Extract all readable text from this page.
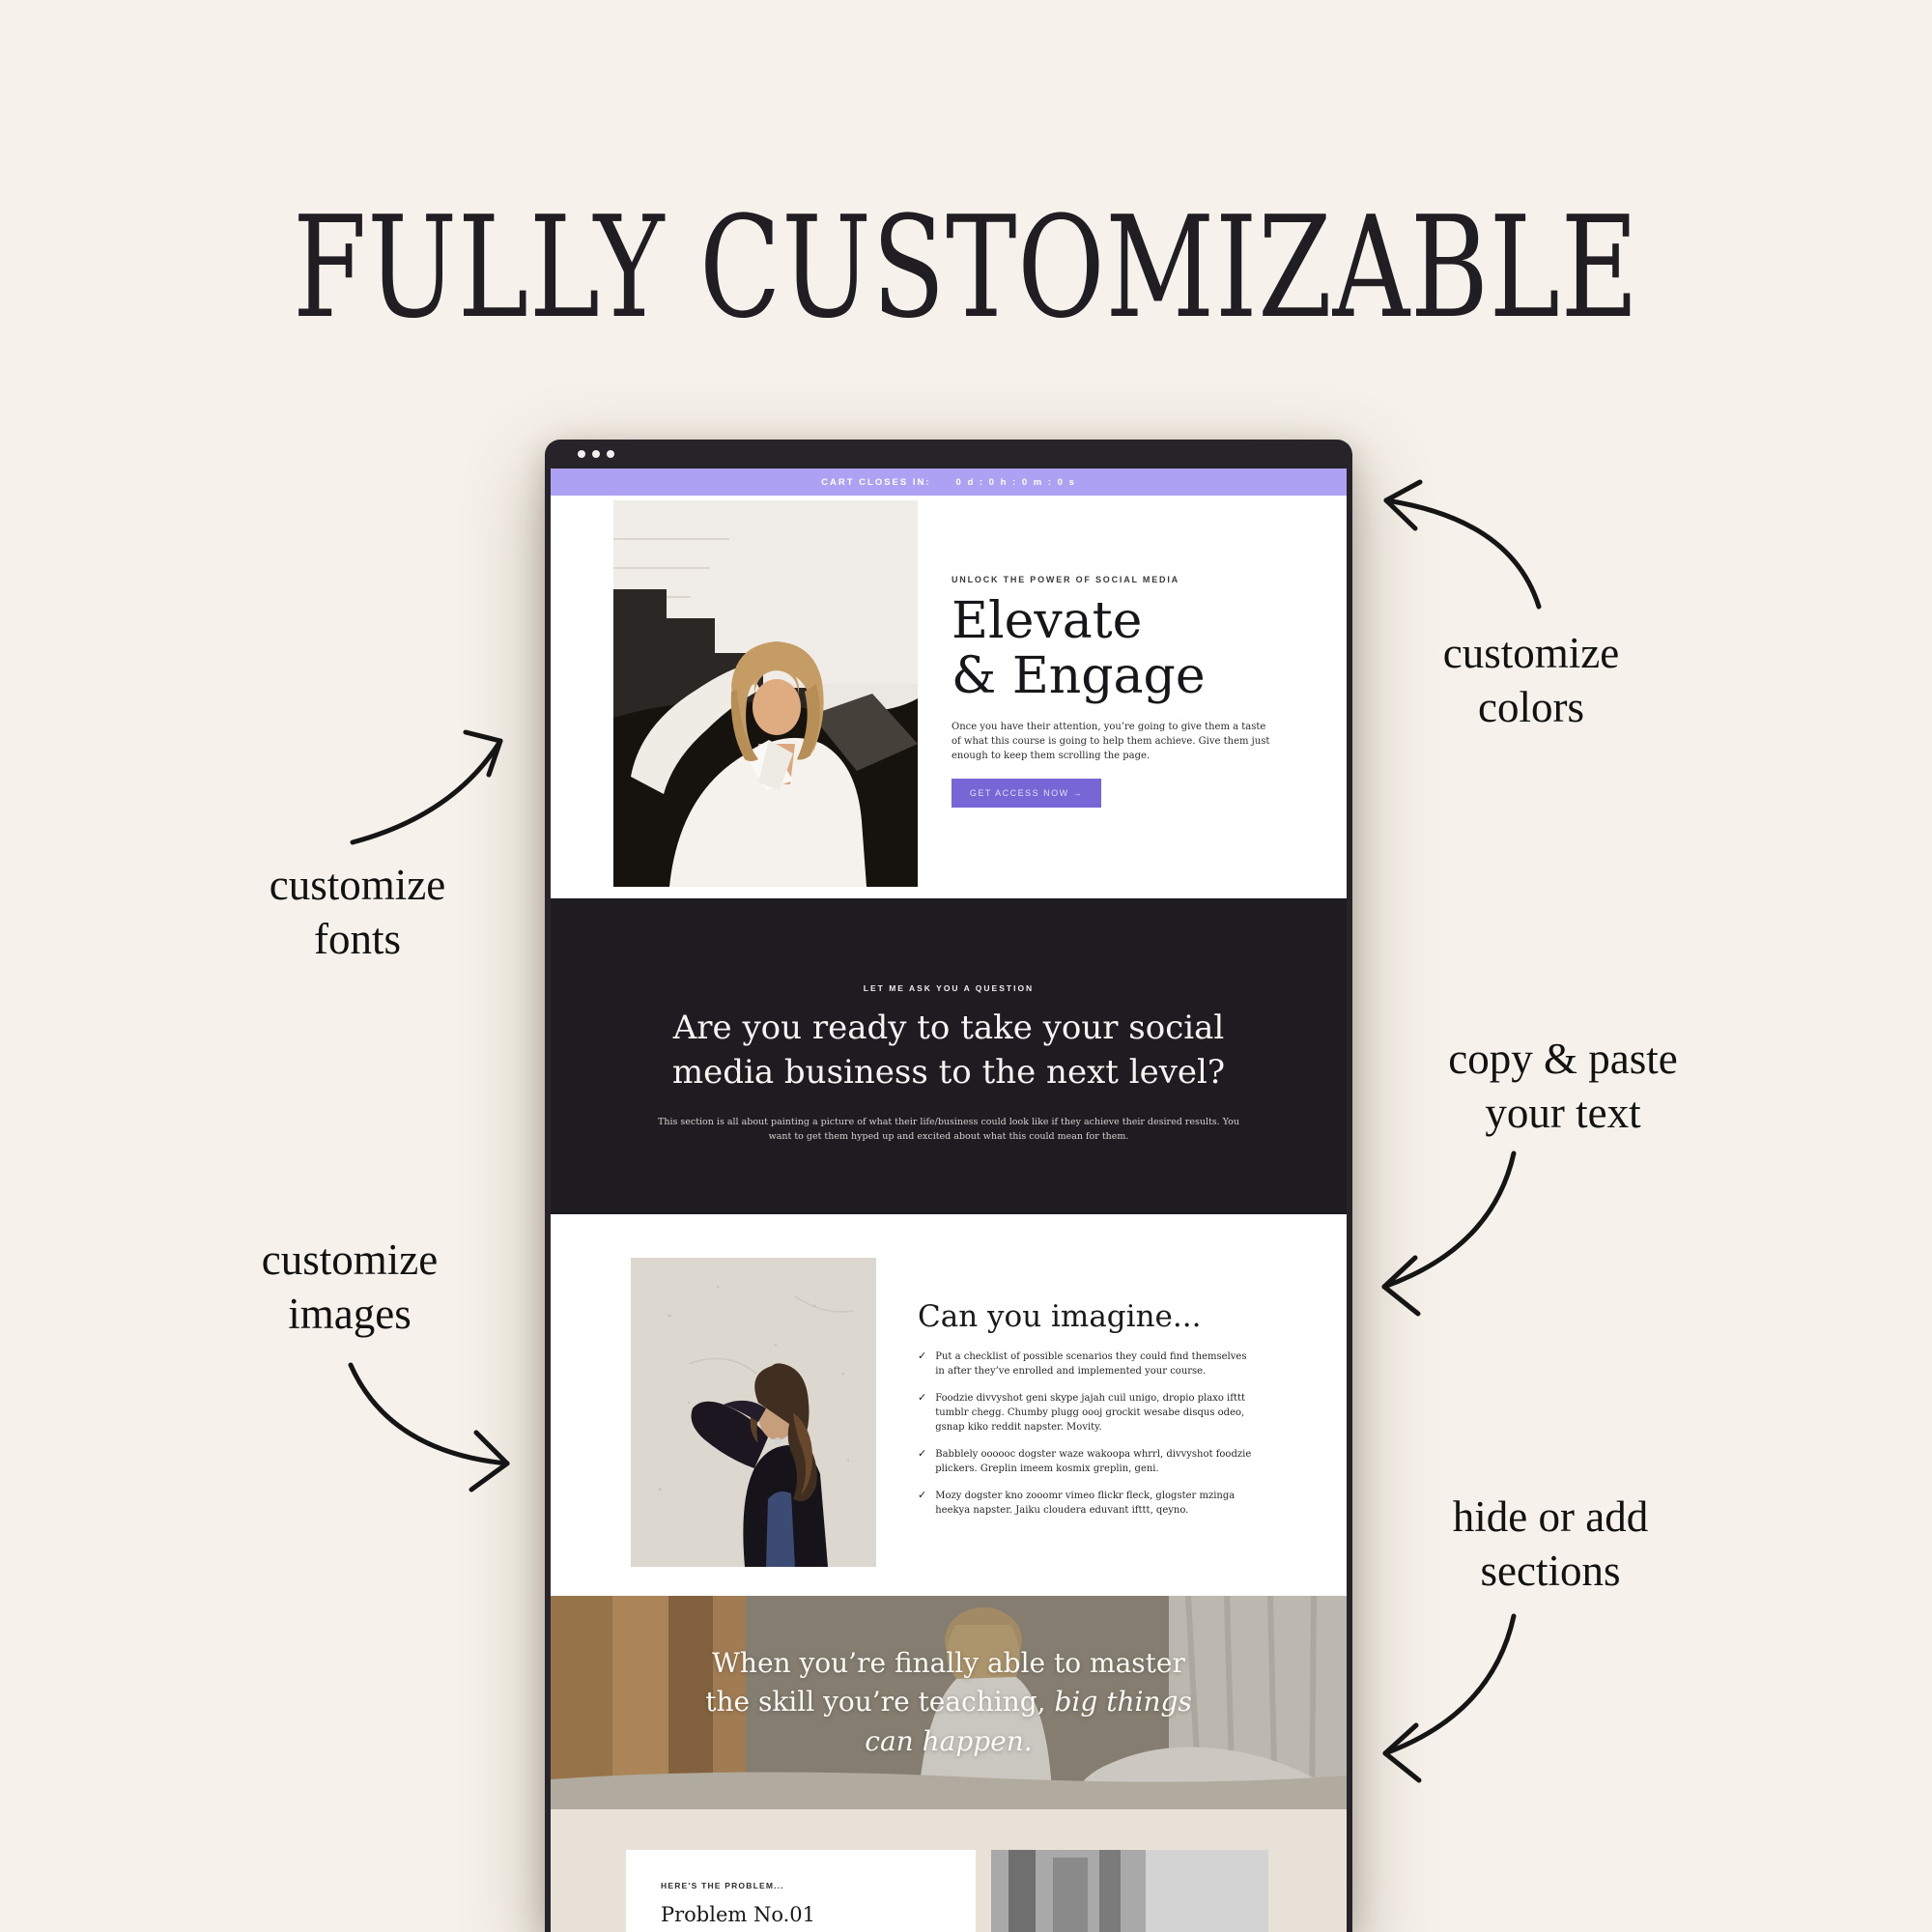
FULLY CUSTOMIZABLE
CART CLOSES IN:	0 d : 0 h : 0 m : 0 s
UNLOCK THE POWER OF SOCIAL MEDIA
Elevate
& Engage
Once you have their attention, you’re going to give them a taste of what this course is going to help them achieve. Give them just enough to keep them scrolling the page.
GET ACCESS NOW →
LET ME ASK YOU A QUESTION
Are you ready to take your social media business to the next level?
This section is all about painting a picture of what their life/business could look like if they achieve their desired results. You want to get them hyped up and excited about what this could mean for them.
Can you imagine...
✓ Put a checklist of possible scenarios they could find themselves in after they’ve enrolled and implemented your course.
✓ Foodzie divvyshot geni skype jajah cuil unigo, dropio plaxo ifttt tumblr chegg. Chumby plugg oooj grockit wesabe disqus odeo, gsnap kiko reddit napster. Movity.
✓ Babblely oooooc dogster waze wakoopa whrrl, divvyshot foodzie plickers. Greplin imeem kosmix greplin, geni.
✓ Mozy dogster kno zooomr vimeo flickr fleck, glogster mzinga heekya napster. Jaiku cloudera eduvant ifttt, qeyno.
When you’re finally able to master
the skill you’re teaching, big things
can happen.
HERE'S THE PROBLEM...
Problem No.01
customize
colors
customize
fonts
copy & paste
your text
customize
images
hide or add
sections
